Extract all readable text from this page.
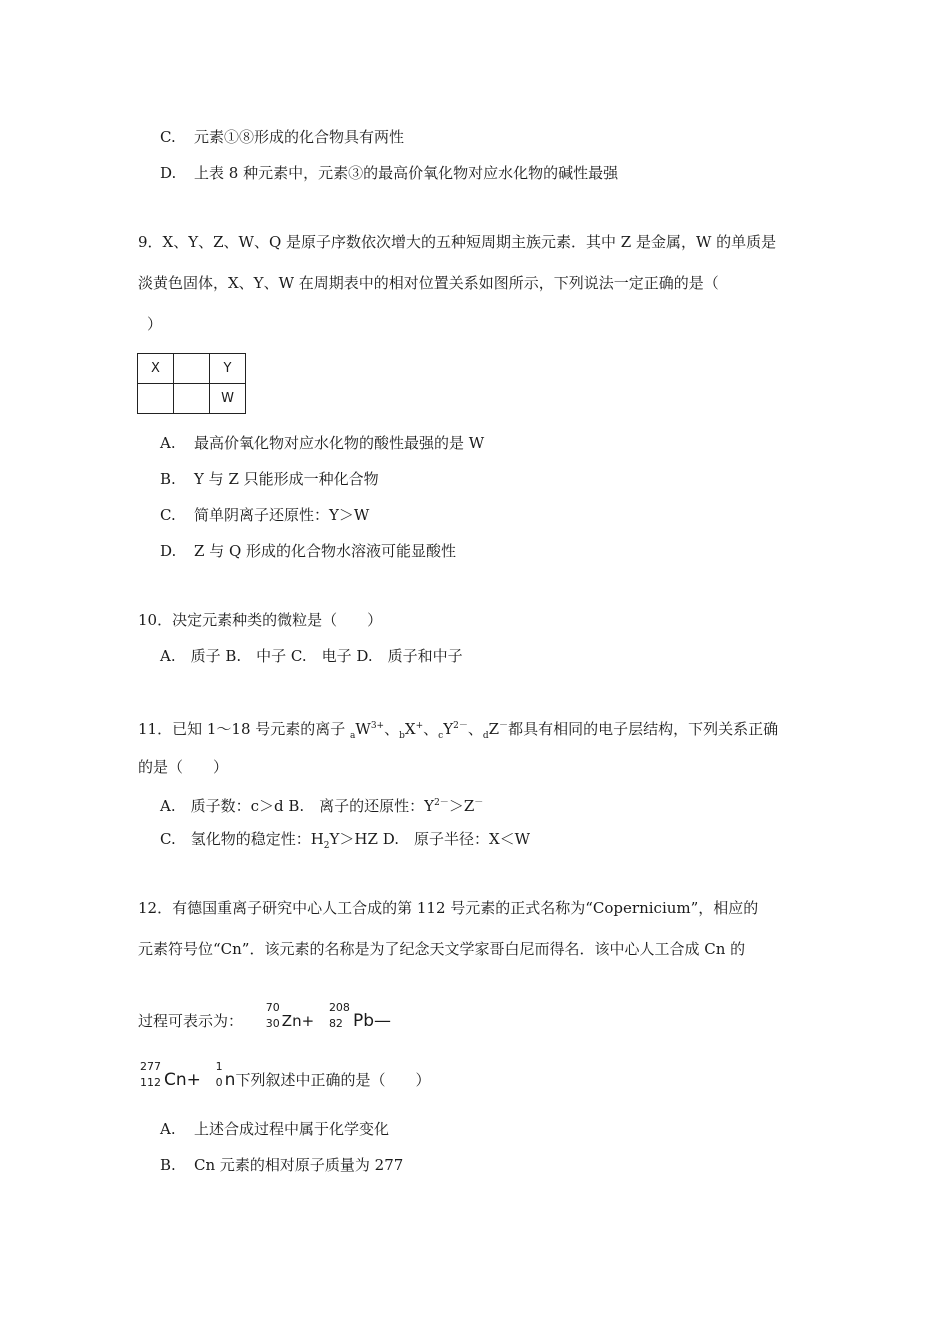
C. 元素①⑧形成的化合物具有两性
D. 上表 8 种元素中，元素③的最高价氧化物对应水化物的碱性最强
9．X、Y、Z、W、Q 是原子序数依次增大的五种短周期主族元素．其中 Z 是金属，W 的单质是
淡黄色固体，X、Y、W 在周期表中的相对位置关系如图所示，下列说法一定正确的是（
）
X		Y
		W
A. 最高价氧化物对应水化物的酸性最强的是 W
B. Y 与 Z 只能形成一种化合物
C. 简单阴离子还原性：Y＞W
D. Z 与 Q 形成的化合物水溶液可能显酸性
10．决定元素种类的微粒是（　　）
A.　质子 B.　中子 C.　电子 D.　质子和中子
11．已知 1～18 号元素的离子 $_aW^{3+}$、$_b$X+、$_cY^{2-}$、$_d$Z－都具有相同的电子层结构，下列关系正确
的是（　　）
A.　质子数：c＞d B.　离子的还原性：$Y^{2-}>Z^-$
C.　氢化物的稳定性：$H_2Y>HZ$ D.　原子半径：X＜W
12．有德国重离子研究中心人工合成的第 112 号元素的正式名称为“Copernicium”，相应的
元素符号位“Cn”．该元素的名称是为了纪念天文学家哥白尼而得名．该中心人工合成 Cn 的
过程可表示为：
70
30 Zn+
208
82 Pb—
277
112 Cn+
1
0 n下列叙述中正确的是（　　）
A. 上述合成过程中属于化学变化
B. Cn 元素的相对原子质量为 277
